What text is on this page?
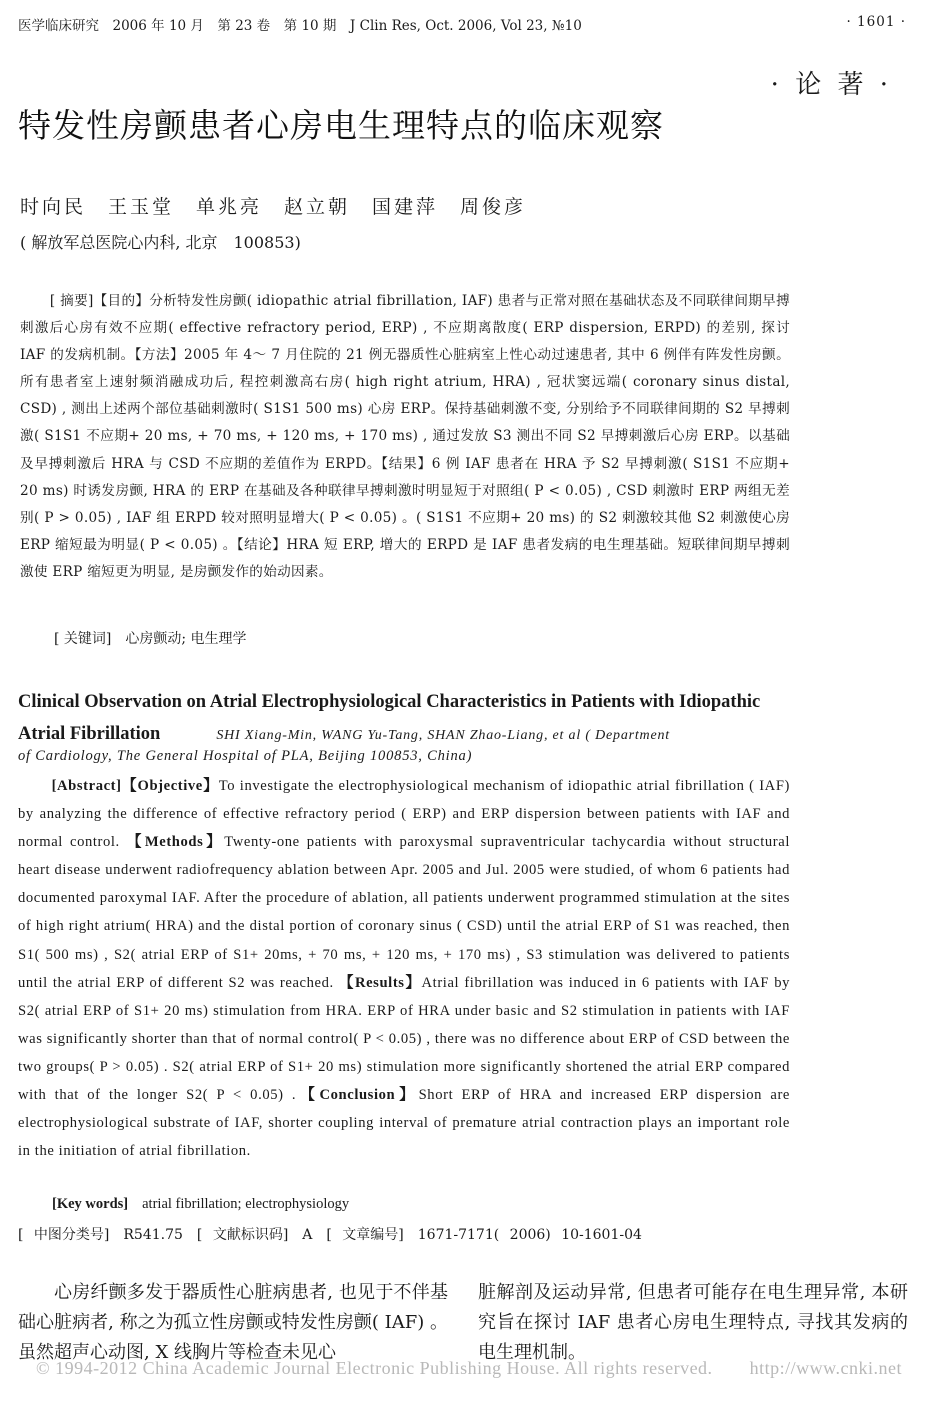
医学临床研究　2006 年 10 月　第 23 卷　第 10 期　J Clin Res, Oct. 2006, Vol 23, №10	· 1601 ·
· 论 著 ·
特发性房颤患者心房电生理特点的临床观察
时向民　王玉堂　单兆亮　赵立朝　国建萍　周俊彦
( 解放军总医院心内科, 北京　100853)
[ 摘要]【目的】分析特发性房颤( idiopathic atrial fibrillation, IAF) 患者与正常对照在基础状态及不同联律间期早搏刺激后心房有效不应期( effective refractory period, ERP) , 不应期离散度( ERP dispersion, ERPD) 的差别, 探讨 IAF 的发病机制。【方法】2005 年 4～ 7 月住院的 21 例无器质性心脏病室上性心动过速患者, 其中 6 例伴有阵发性房颤。所有患者室上速射频消融成功后, 程控刺激高右房( high right atrium, HRA) , 冠状窦远端( coronary sinus distal, CSD) , 测出上述两个部位基础刺激时( S1S1 500 ms) 心房 ERP。保持基础刺激不变, 分别给予不同联律间期的 S2 早搏刺激( S1S1 不应期+ 20 ms, + 70 ms, + 120 ms, + 170 ms) , 通过发放 S3 测出不同 S2 早搏刺激后心房 ERP。以基础及早搏刺激后 HRA 与 CSD 不应期的差值作为 ERPD。【结果】6 例 IAF 患者在 HRA 予 S2 早搏刺激( S1S1 不应期+ 20 ms) 时诱发房颤, HRA 的 ERP 在基础及各种联律早搏刺激时明显短于对照组( P < 0.05) , CSD 刺激时 ERP 两组无差别( P > 0.05) , IAF 组 ERPD 较对照明显增大( P < 0.05) 。( S1S1 不应期+ 20 ms) 的 S2 刺激较其他 S2 刺激使心房 ERP 缩短最为明显( P < 0.05) 。【结论】HRA 短 ERP, 增大的 ERPD 是 IAF 患者发病的电生理基础。短联律间期早搏刺激使 ERP 缩短更为明显, 是房颤发作的始动因素。
[ 关键词]　心房颤动; 电生理学
Clinical Observation on Atrial Electrophysiological Characteristics in Patients with Idiopathic Atrial Fibrillation	SHI Xiang-Min, WANG Yu-Tang, SHAN Zhao-Liang, et al ( Department
of Cardiology, The General Hospital of PLA, Beijing 100853, China)
[Abstract]【Objective】To investigate the electrophysiological mechanism of idiopathic atrial fibrillation ( IAF) by analyzing the difference of effective refractory period ( ERP) and ERP dispersion between patients with IAF and normal control. 【Methods】Twenty-one patients with paroxysmal supraventricular tachycardia without structural heart disease underwent radiofrequency ablation between Apr. 2005 and Jul. 2005 were studied, of whom 6 patients had documented paroxymal IAF. After the procedure of ablation, all patients underwent programmed stimulation at the sites of high right atrium( HRA) and the distal portion of coronary sinus ( CSD) until the atrial ERP of S1 was reached, then S1( 500 ms) , S2( atrial ERP of S1+ 20ms, + 70 ms, + 120 ms, + 170 ms) , S3 stimulation was delivered to patients until the atrial ERP of different S2 was reached. 【Results】Atrial fibrillation was induced in 6 patients with IAF by S2( atrial ERP of S1+ 20 ms) stimulation from HRA. ERP of HRA under basic and S2 stimulation in patients with IAF was significantly shorter than that of normal control( P < 0.05) , there was no difference about ERP of CSD between the two groups( P > 0.05) . S2( atrial ERP of S1+ 20 ms) stimulation more significantly shortened the atrial ERP compared with that of the longer S2( P < 0.05) .【Conclusion】Short ERP of HRA and increased ERP dispersion are electrophysiological substrate of IAF, shorter coupling interval of premature atrial contraction plays an important role in the initiation of atrial fibrillation.
[Key words] atrial fibrillation; electrophysiology
[ 中图分类号]　R541.75　[ 文献标识码]　A　[ 文章编号]　1671-7171( 2006) 10-1601-04
心房纤颤多发于器质性心脏病患者, 也见于不伴基础心脏病者, 称之为孤立性房颤或特发性房颤( IAF) 。虽然超声心动图, X 线胸片等检查未见心
脏解剖及运动异常, 但患者可能存在电生理异常, 本研究旨在探讨 IAF 患者心房电生理特点, 寻找其发病的电生理机制。
© 1994-2012 China Academic Journal Electronic Publishing House. All rights reserved. http://www.cnki.net
